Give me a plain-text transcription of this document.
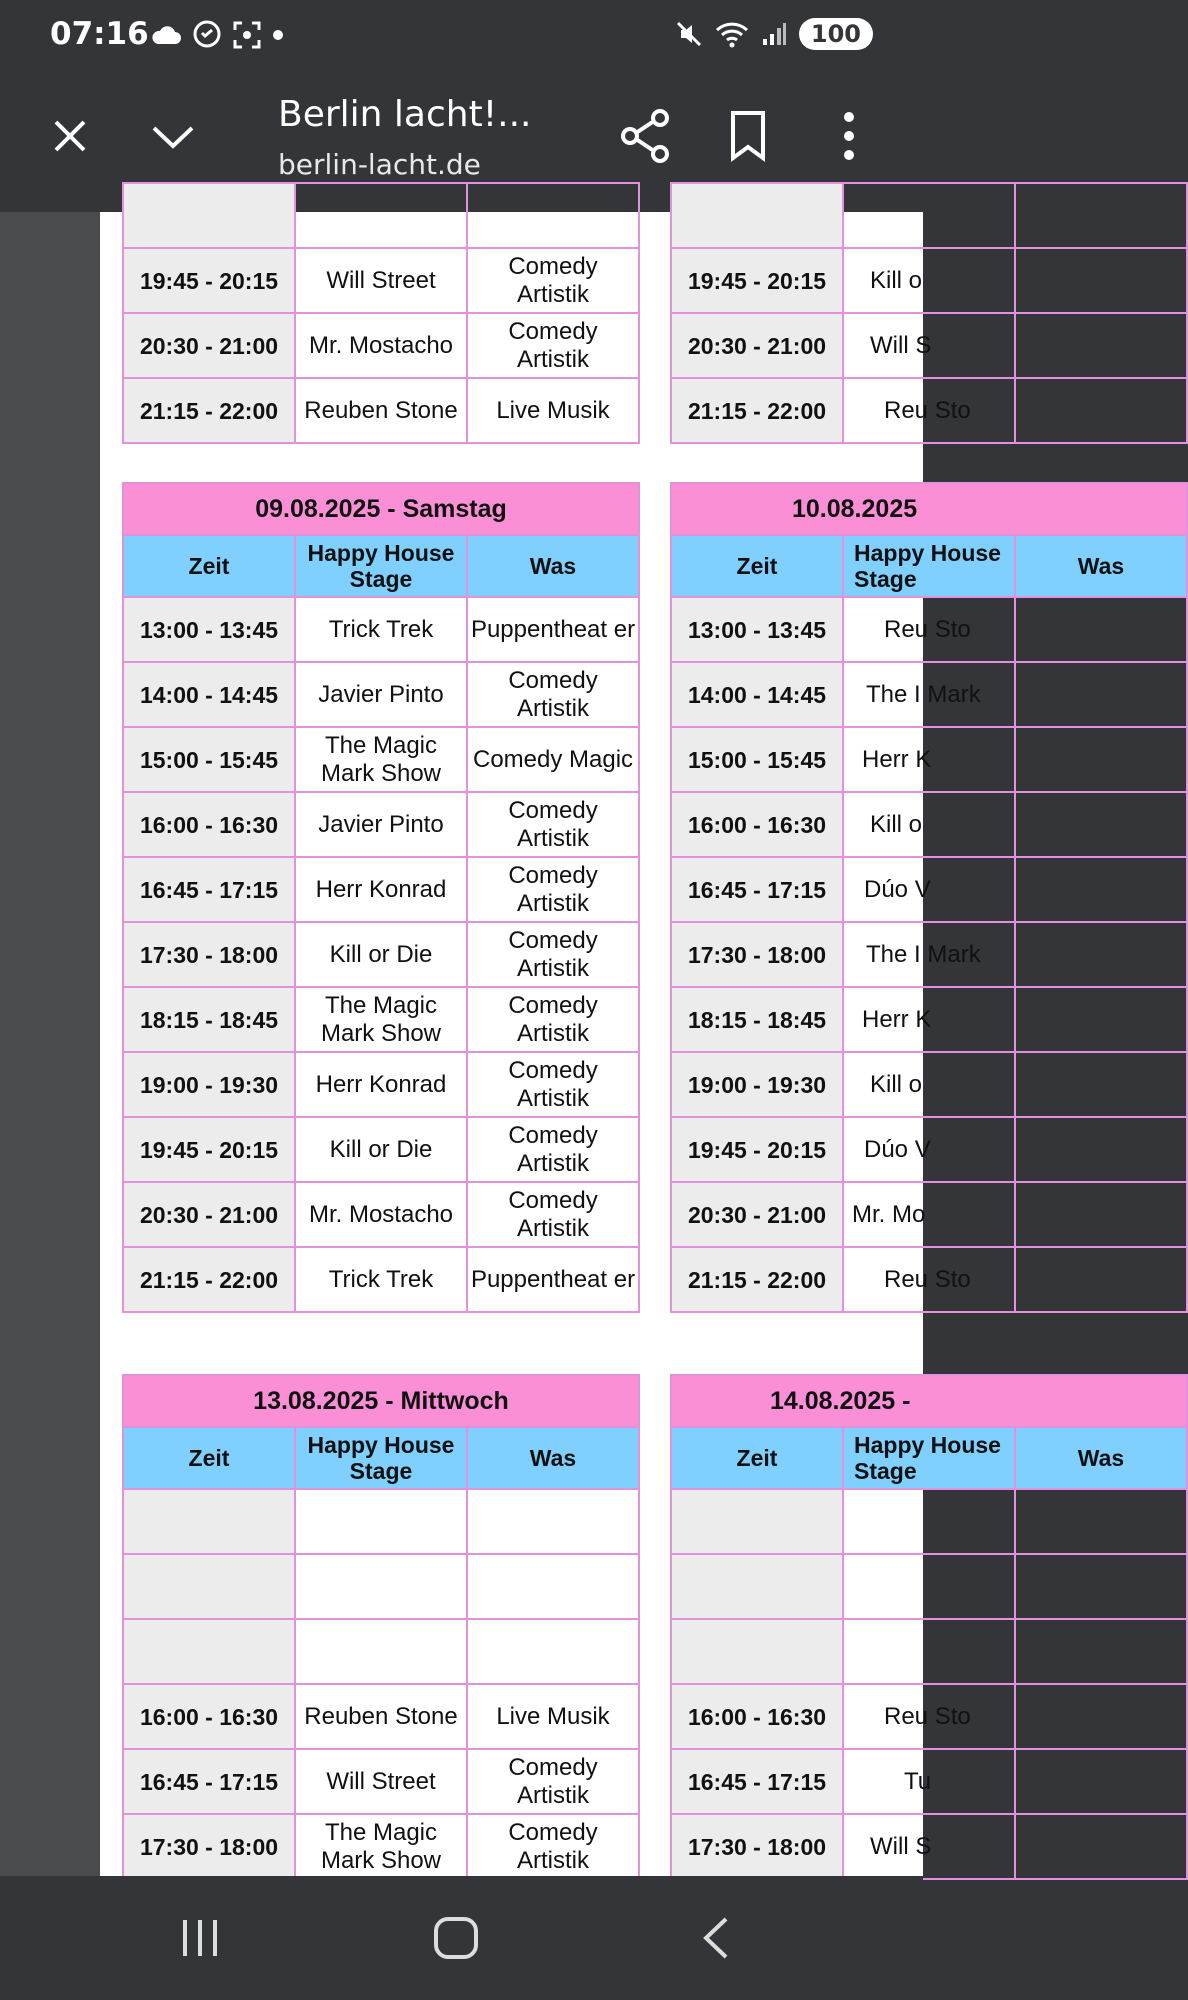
07:16	100
Berlin lacht!...
berlin-lacht.de

19:45 - 20:15	Will Street	Comedy Artistik
20:30 - 21:00	Mr. Mostacho	Comedy Artistik
21:15 - 22:00	Reuben Stone	Live Musik

19:45 - 20:15	Kill o	
20:30 - 21:00	Will S	
21:15 - 22:00	Reu Sto	
09.08.2025 - Samstag		
Zeit	Happy House Stage	Was
13:00 - 13:45	Trick Trek	Puppentheat er
14:00 - 14:45	Javier Pinto	Comedy Artistik
15:00 - 15:45	The Magic Mark Show	Comedy Magic
16:00 - 16:30	Javier Pinto	Comedy Artistik
16:45 - 17:15	Herr Konrad	Comedy Artistik
17:30 - 18:00	Kill or Die	Comedy Artistik
18:15 - 18:45	The Magic Mark Show	Comedy Artistik
19:00 - 19:30	Herr Konrad	Comedy Artistik
19:45 - 20:15	Kill or Die	Comedy Artistik
20:30 - 21:00	Mr. Mostacho	Comedy Artistik
21:15 - 22:00	Trick Trek	Puppentheat er
10.08.2025		
Zeit	Happy House Stage	Was
13:00 - 13:45	Reu Sto	
14:00 - 14:45	The I Mark	
15:00 - 15:45	Herr K	
16:00 - 16:30	Kill o	
16:45 - 17:15	Dúo V	
17:30 - 18:00	The I Mark	
18:15 - 18:45	Herr K	
19:00 - 19:30	Kill o	
19:45 - 20:15	Dúo V	
20:30 - 21:00	Mr. Mo	
21:15 - 22:00	Reu Sto	
13.08.2025 - Mittwoch		
Zeit	Happy House Stage	Was

16:00 - 16:30	Reuben Stone	Live Musik
16:45 - 17:15	Will Street	Comedy Artistik
17:30 - 18:00	The Magic Mark Show	Comedy Artistik
14.08.2025 -		
Zeit	Happy House Stage	Was

16:00 - 16:30	Reu Sto	
16:45 - 17:15	Tu	
17:30 - 18:00	Will S	
